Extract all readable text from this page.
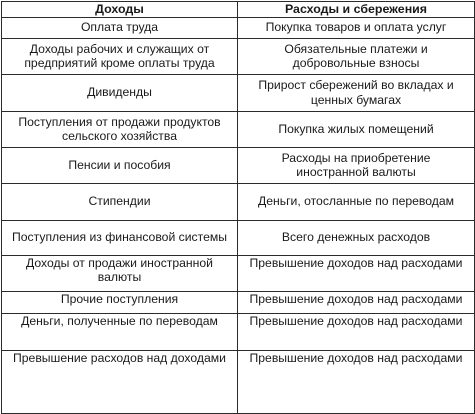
Доходы	Расходы и сбережения
Оплата труда	Покупка товаров и оплата услуг
Доходы рабочих и служащих от предприятий кроме оплаты труда	Обязательные платежи и добровольные взносы
Дивиденды	Прирост сбережений во вкладах и ценных бумагах
Поступления от продажи продуктов сельского хозяйства	Покупка жилых помещений
Пенсии и пособия	Расходы на приобретение иностранной валюты
Стипендии	Деньги, отосланные по переводам
Поступления из финансовой системы	Всего денежных расходов
Доходы от продажи иностранной валюты	Превышение доходов над расходами
Прочие поступления	Превышение доходов над расходами
Деньги, полученные по переводам	Превышение доходов над расходами
Превышение расходов над доходами	Превышение доходов над расходами
